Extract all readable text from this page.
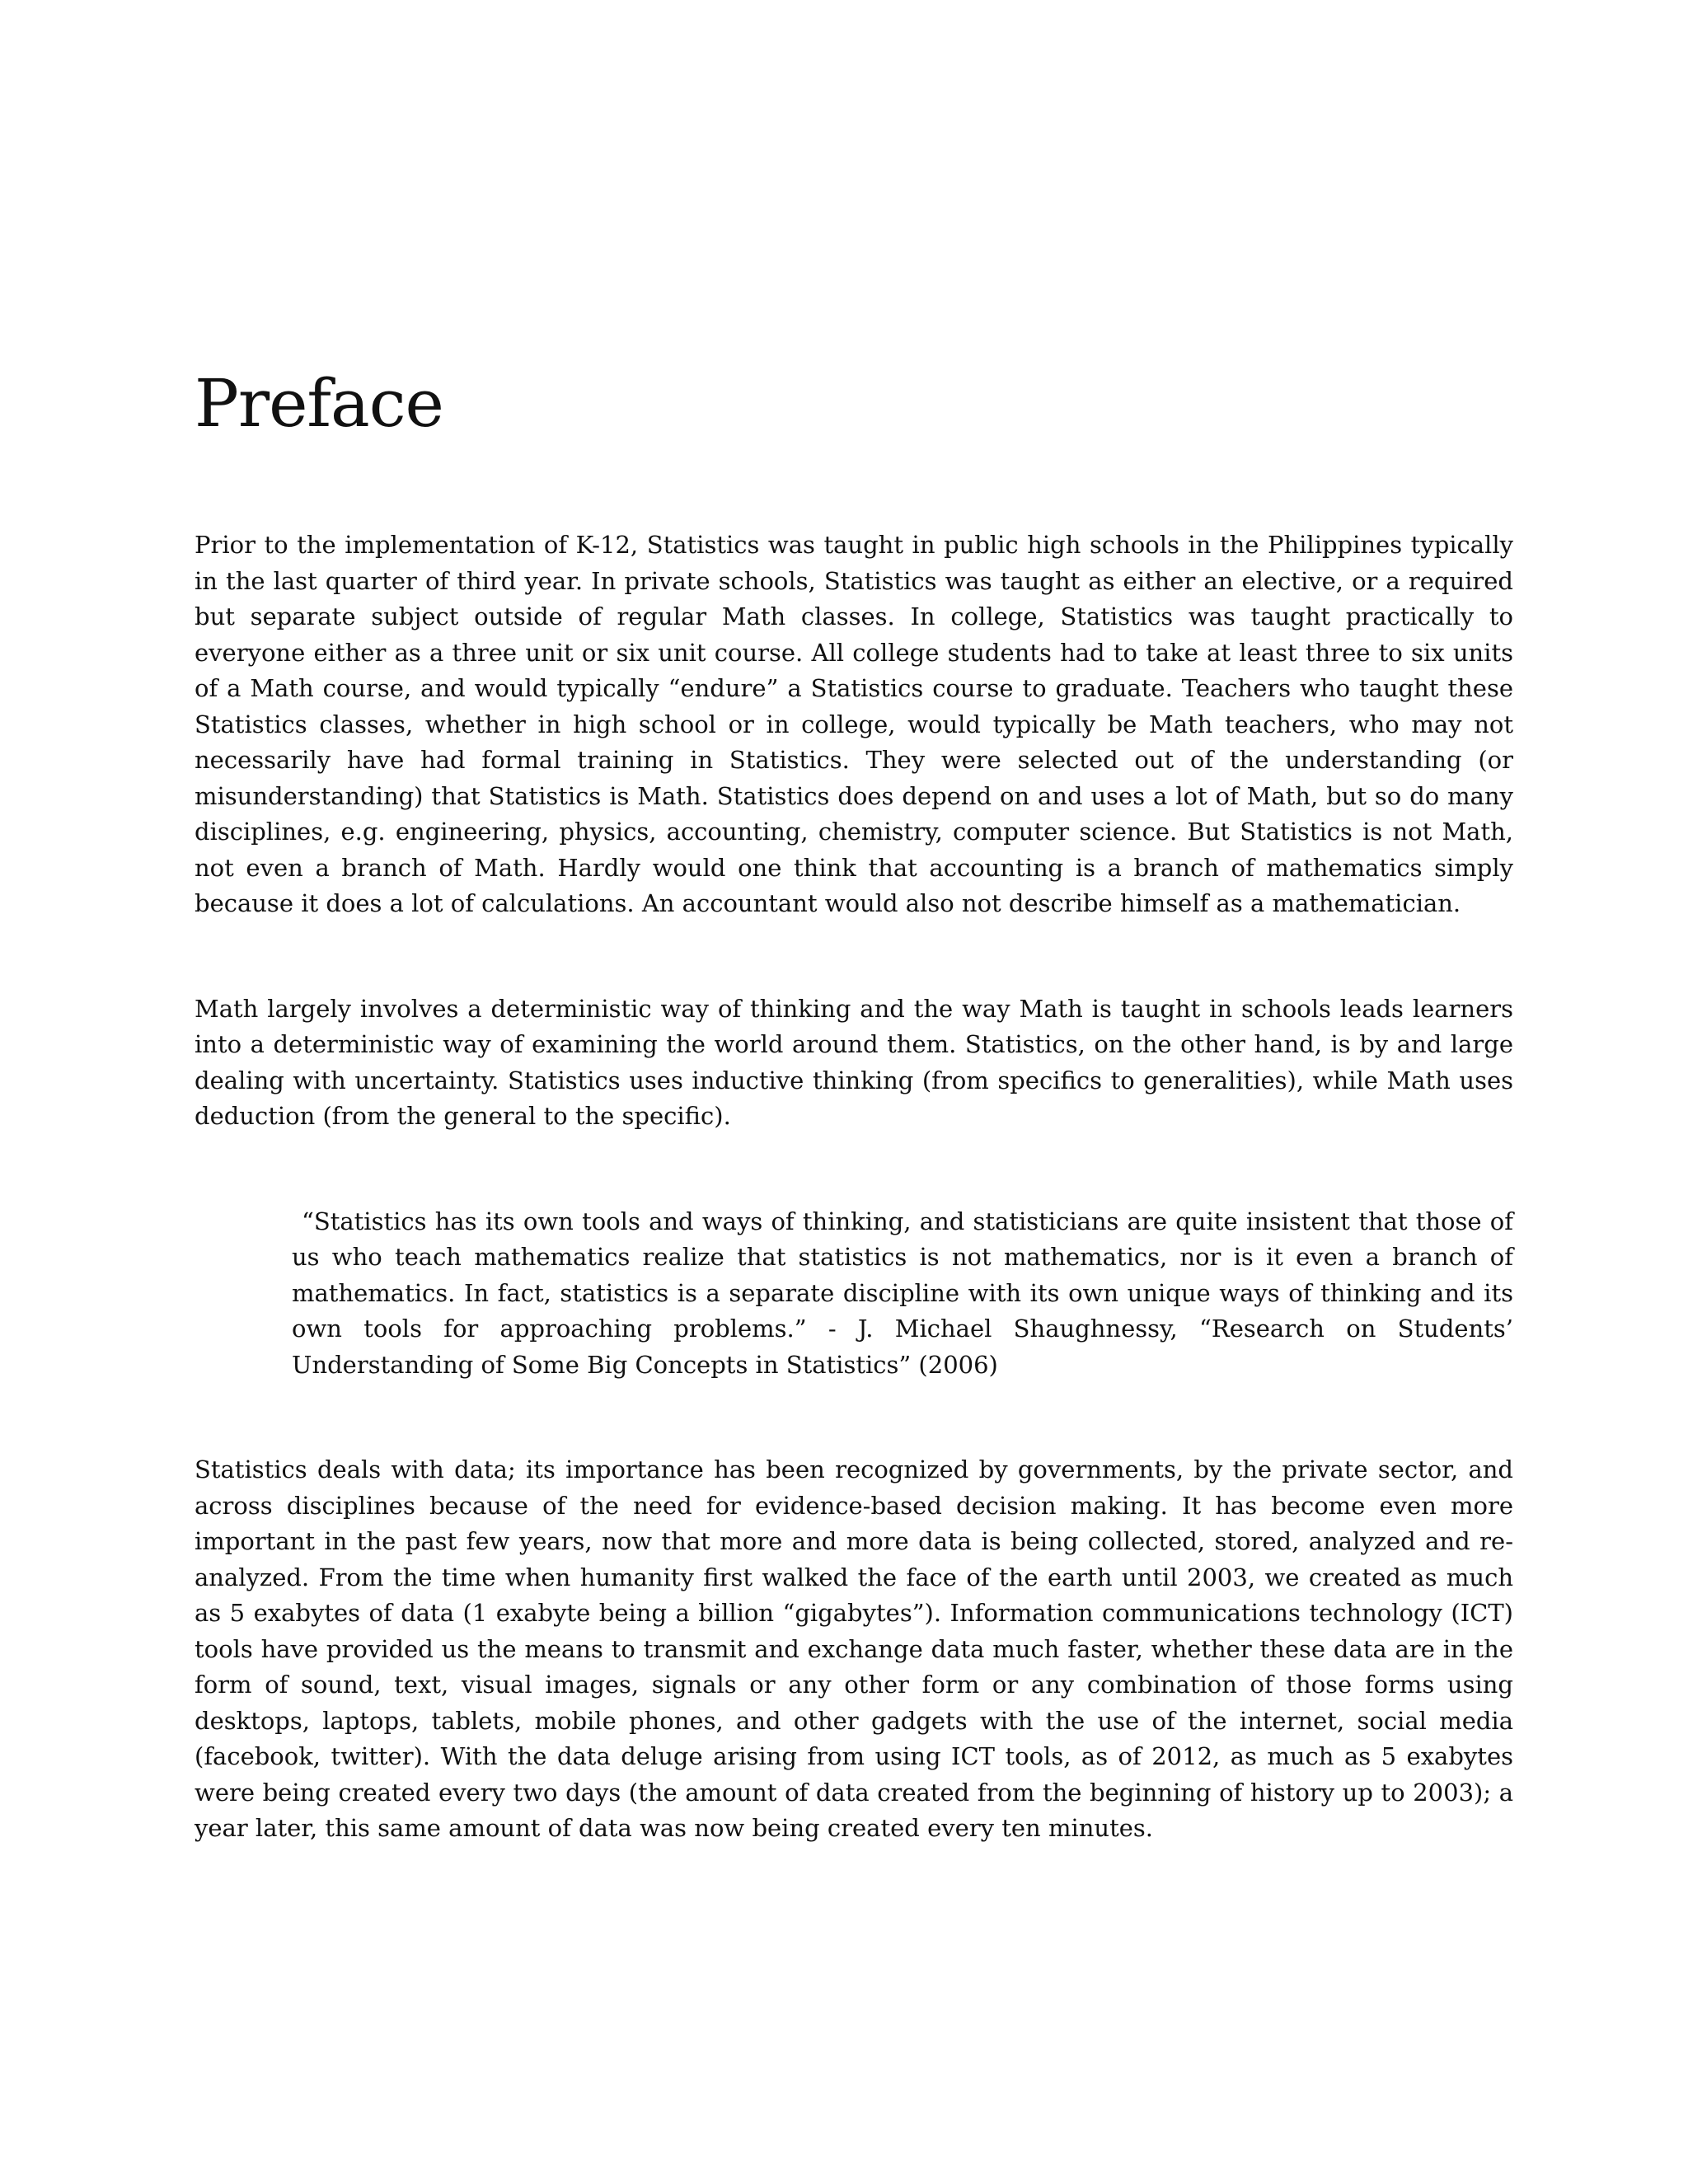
Preface

Prior to the implementation of K-12, Statistics was taught in public high schools in the Philippines typically in the last quarter of third year. In private schools, Statistics was taught as either an elective, or a required but separate subject outside of regular Math classes. In college, Statistics was taught practically to everyone either as a three unit or six unit course. All college students had to take at least three to six units of a Math course, and would typically “endure” a Statistics course to graduate. Teachers who taught these Statistics classes, whether in high school or in college, would typically be Math teachers, who may not necessarily have had formal training in Statistics. They were selected out of the understanding (or misunderstanding) that Statistics is Math. Statistics does depend on and uses a lot of Math, but so do many disciplines, e.g. engineering, physics, accounting, chemistry, computer science. But Statistics is not Math, not even a branch of Math. Hardly would one think that accounting is a branch of mathematics simply because it does a lot of calculations. An accountant would also not describe himself as a mathematician.

Math largely involves a deterministic way of thinking and the way Math is taught in schools leads learners into a deterministic way of examining the world around them. Statistics, on the other hand, is by and large dealing with uncertainty. Statistics uses inductive thinking (from specifics to generalities), while Math uses deduction (from the general to the specific).

“Statistics has its own tools and ways of thinking, and statisticians are quite insistent that those of us who teach mathematics realize that statistics is not mathematics, nor is it even a branch of mathematics. In fact, statistics is a separate discipline with its own unique ways of thinking and its own tools for approaching problems.” - J. Michael Shaughnessy, “Research on Students’ Understanding of Some Big Concepts in Statistics” (2006)

Statistics deals with data; its importance has been recognized by governments, by the private sector, and across disciplines because of the need for evidence-based decision making. It has become even more important in the past few years, now that more and more data is being collected, stored, analyzed and re-analyzed. From the time when humanity first walked the face of the earth until 2003, we created as much as 5 exabytes of data (1 exabyte being a billion “gigabytes”). Information communications technology (ICT) tools have provided us the means to transmit and exchange data much faster, whether these data are in the form of sound, text, visual images, signals or any other form or any combination of those forms using desktops, laptops, tablets, mobile phones, and other gadgets with the use of the internet, social media (facebook, twitter). With the data deluge arising from using ICT tools, as of 2012, as much as 5 exabytes were being created every two days (the amount of data created from the beginning of history up to 2003); a year later, this same amount of data was now being created every ten minutes.
